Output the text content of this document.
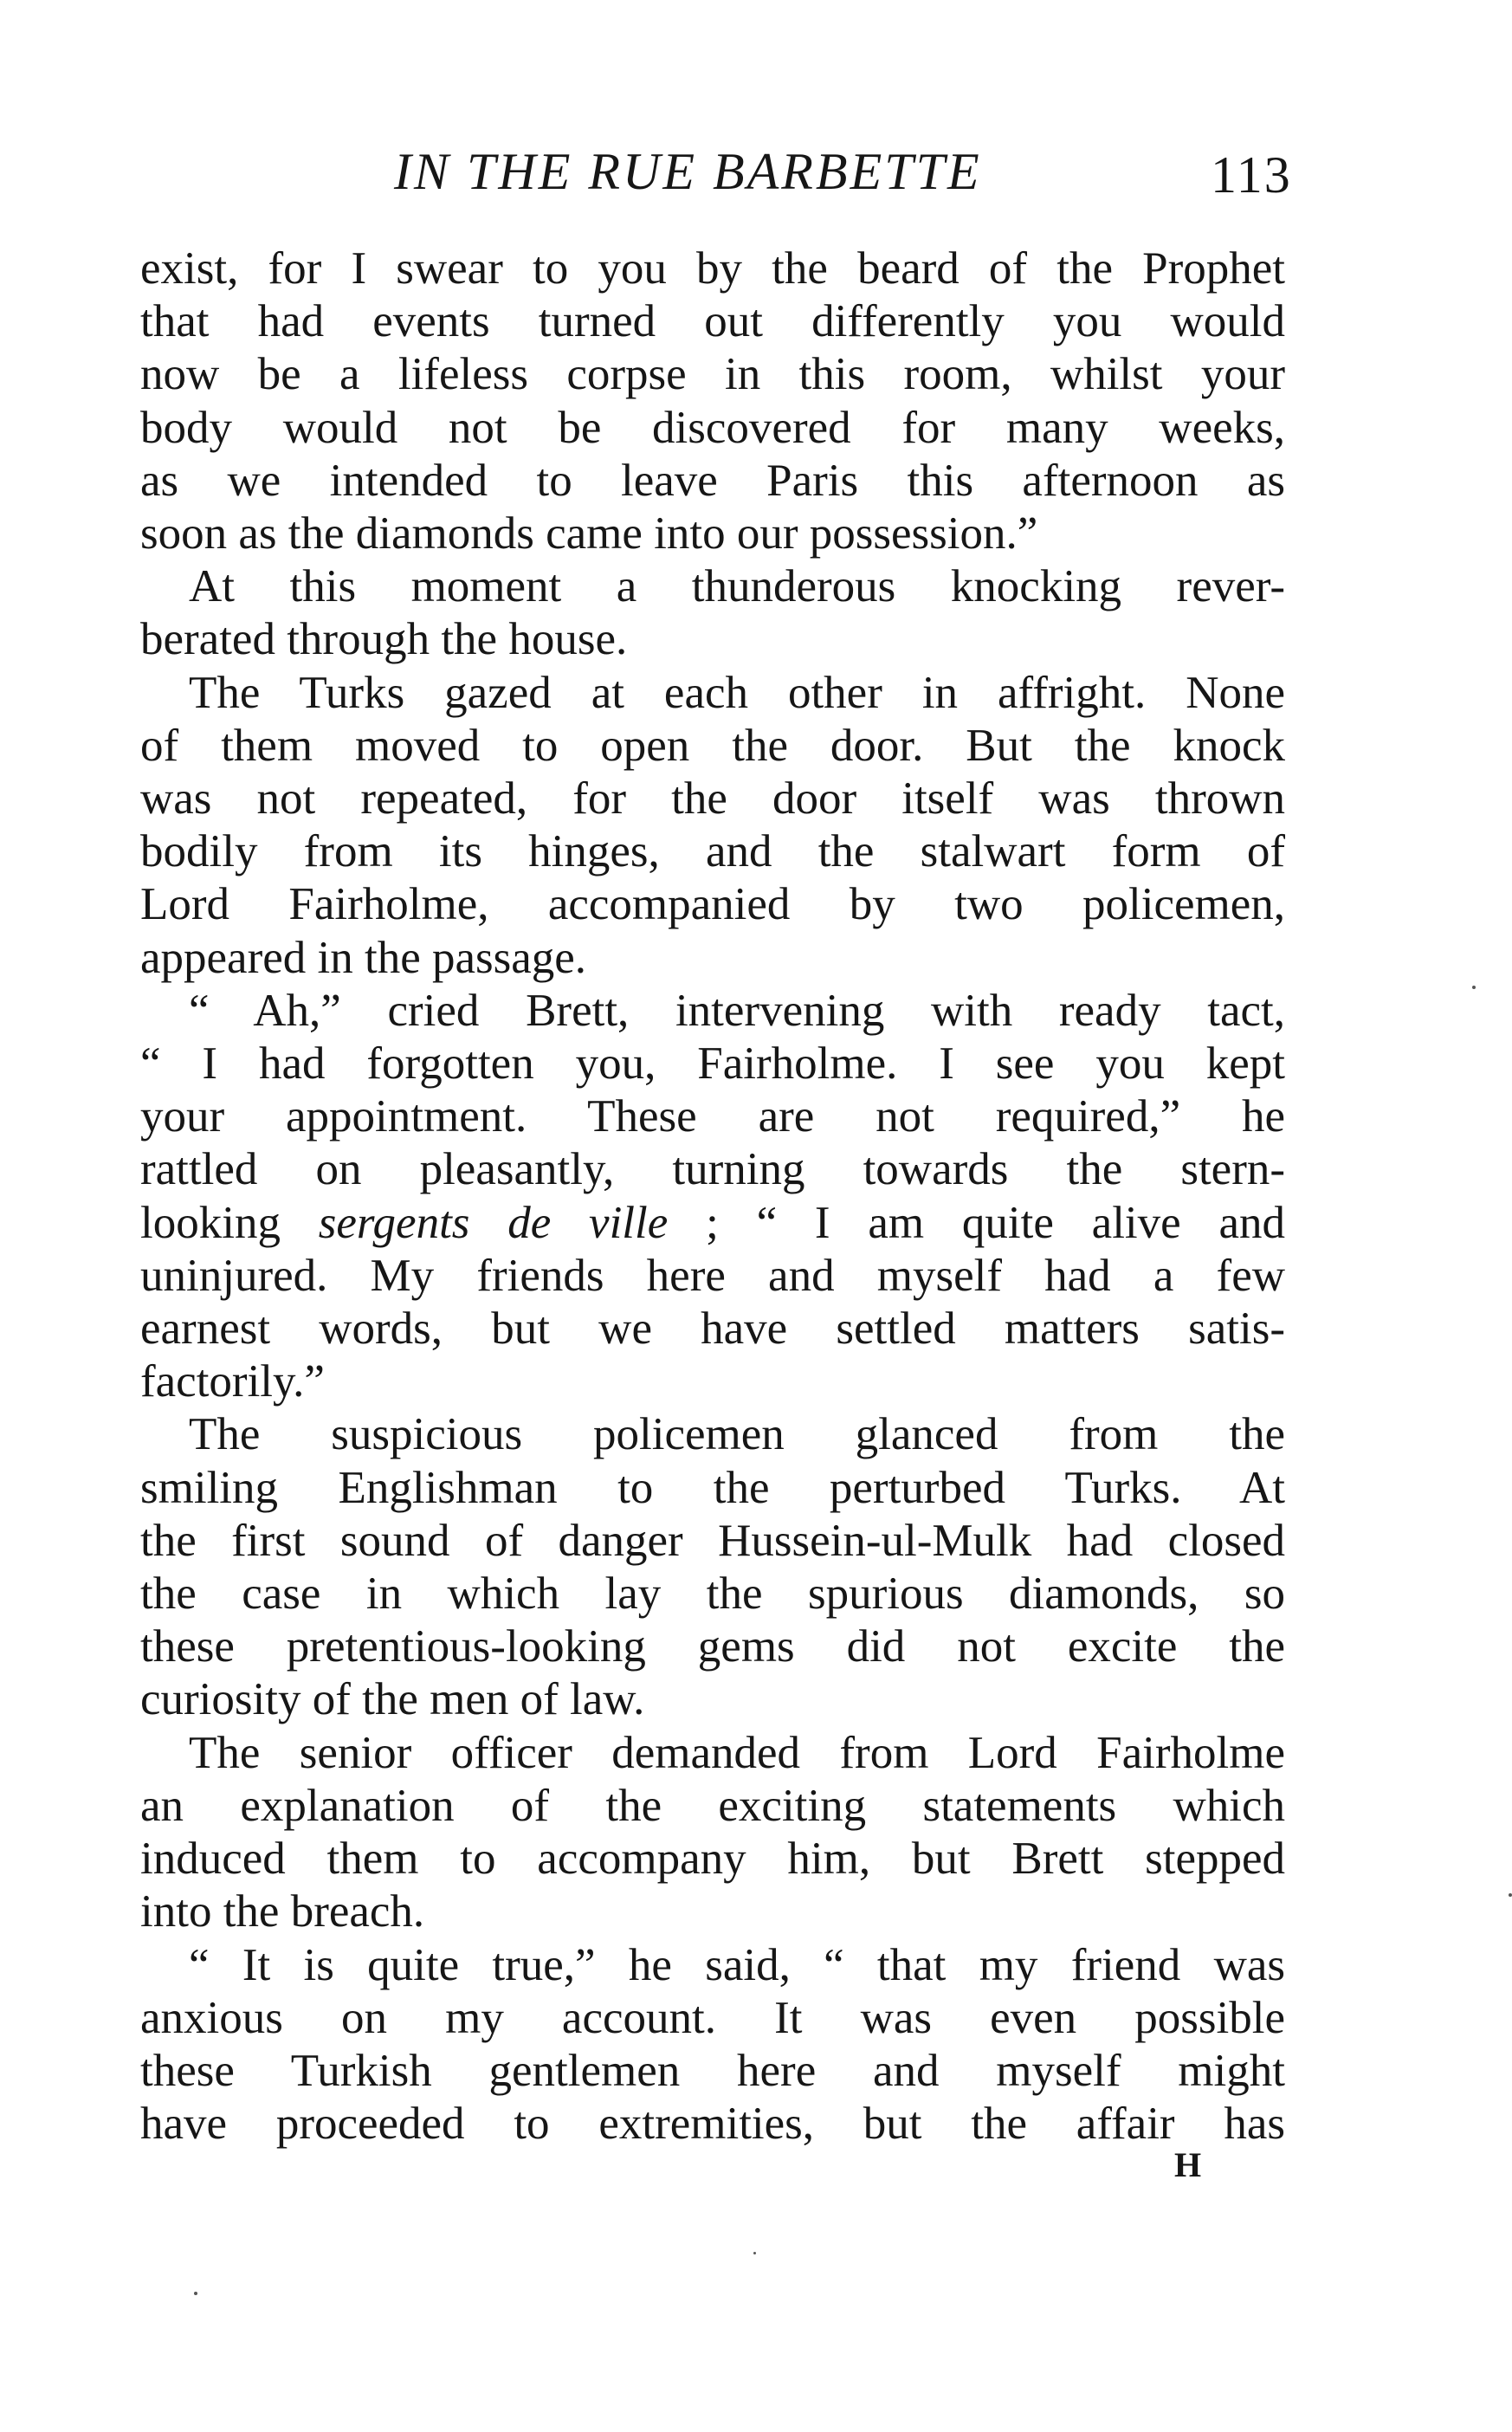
IN THE RUE BARBETTE	113
exist, for I swear to you by the beard of the Prophet
that had events turned out differently you would
now be a lifeless corpse in this room, whilst your
body would not be discovered for many weeks,
as we intended to leave Paris this afternoon as
soon as the diamonds came into our possession.”
At this moment a thunderous knocking rever-
berated through the house.
The Turks gazed at each other in affright. None
of them moved to open the door. But the knock
was not repeated, for the door itself was thrown
bodily from its hinges, and the stalwart form of
Lord Fairholme, accompanied by two policemen,
appeared in the passage.
“ Ah,” cried Brett, intervening with ready tact,
“ I had forgotten you, Fairholme. I see you kept
your appointment. These are not required,” he
rattled on pleasantly, turning towards the stern-
looking sergents de ville ; “ I am quite alive and
uninjured. My friends here and myself had a few
earnest words, but we have settled matters satis-
factorily.”
The suspicious policemen glanced from the
smiling Englishman to the perturbed Turks. At
the first sound of danger Hussein-ul-Mulk had closed
the case in which lay the spurious diamonds, so
these pretentious-looking gems did not excite the
curiosity of the men of law.
The senior officer demanded from Lord Fairholme
an explanation of the exciting statements which
induced them to accompany him, but Brett stepped
into the breach.
“ It is quite true,” he said, “ that my friend was
anxious on my account. It was even possible
these Turkish gentlemen here and myself might
have proceeded to extremities, but the affair has
H
